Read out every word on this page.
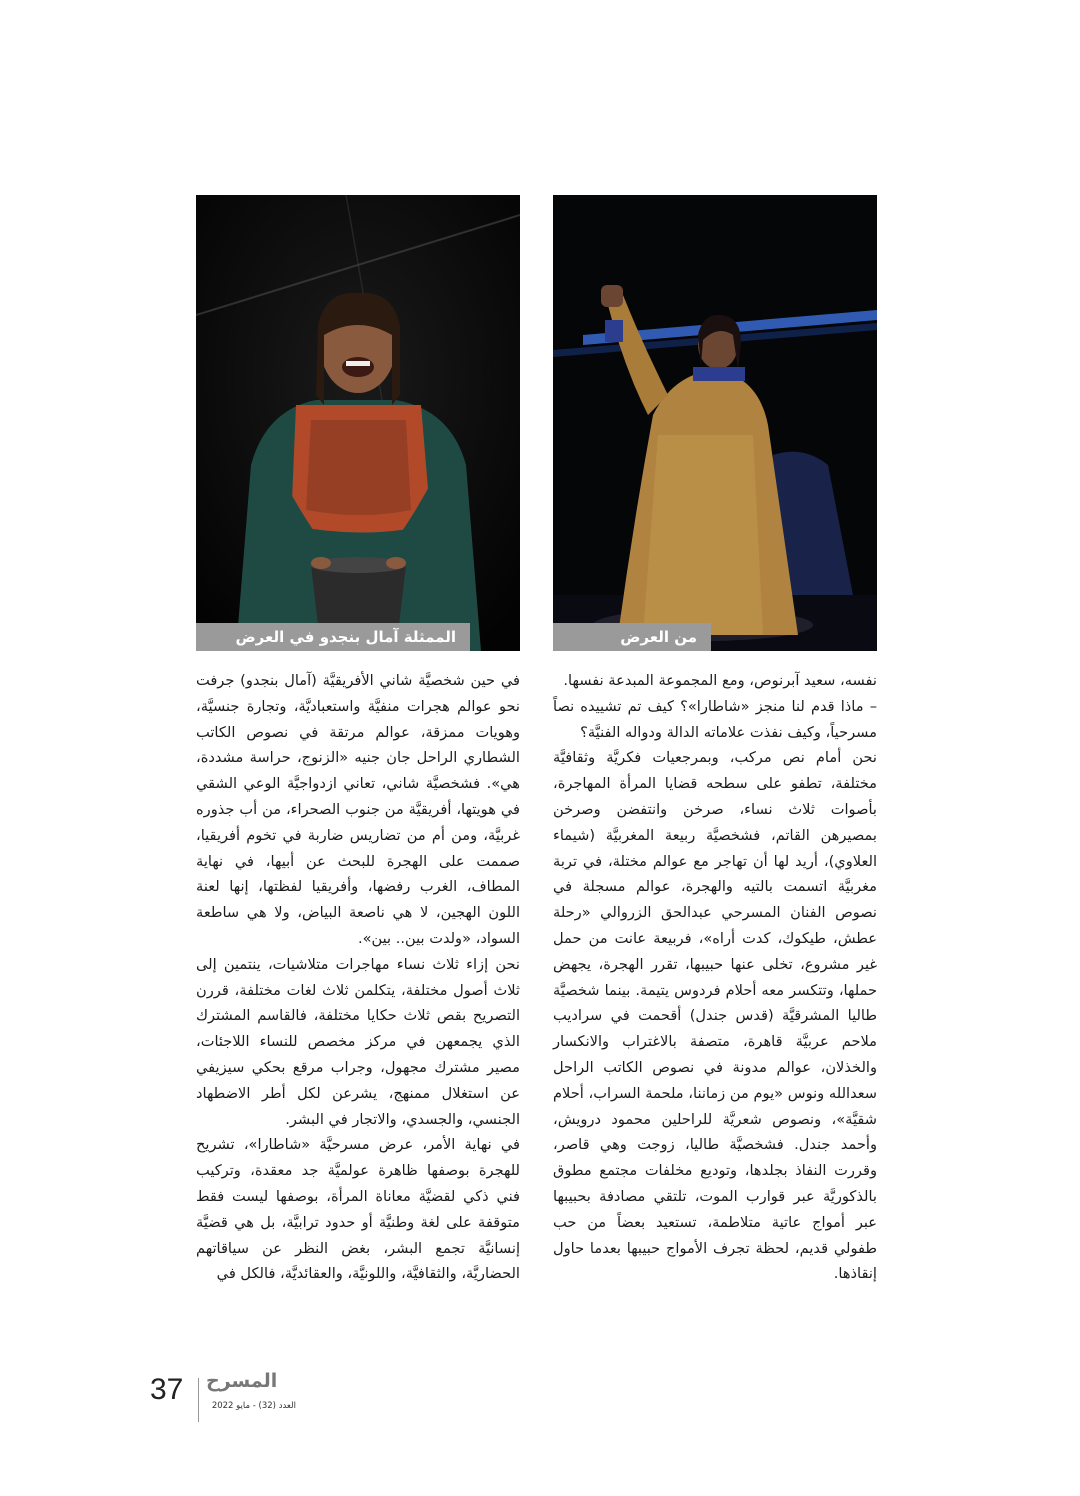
الممثلة آمال بنجدو في العرض	من العرض

نفسه، سعيد آبرنوص، ومع المجموعة المبدعة نفسها.

– ماذا قدم لنا منجز «شاطارا»؟ كيف تم تشييده نصاً مسرحياً، وكيف نفذت علاماته الدالة ودواله الفنيَّة؟

نحن أمام نص مركب، وبمرجعيات فكريَّة وثقافيَّة مختلفة، تطفو على سطحه قضايا المرأة المهاجرة، بأصوات ثلاث نساء، صرخن وانتفضن وصرخن بمصيرهن القاتم، فشخصيَّة ربيعة المغربيَّة (شيماء العلاوي)، أريد لها أن تهاجر مع عوالم مختلة، في تربة مغربيَّة اتسمت بالتيه والهجرة، عوالم مسجلة في نصوص الفنان المسرحي عبدالحق الزروالي «رحلة عطش، طيكوك، كدت أراه»، فربيعة عانت من حمل غير مشروع، تخلى عنها حبيبها، تقرر الهجرة، يجهض حملها، وتتكسر معه أحلام فردوس يتيمة. بينما شخصيَّة طاليا المشرقيَّة (قدس جندل) أقحمت في سراديب ملاحم عربيَّة قاهرة، متصفة بالاغتراب والانكسار والخذلان، عوالم مدونة في نصوص الكاتب الراحل سعدالله ونوس «يوم من زماننا، ملحمة السراب، أحلام شقيَّة»، ونصوص شعريَّة للراحلين محمود درويش، وأحمد جندل. فشخصيَّة طاليا، زوجت وهي قاصر، وقررت النفاذ بجلدها، وتوديع مخلفات مجتمع مطوق بالذكوريَّة عبر قوارب الموت، تلتقي مصادفة بحبيبها عبر أمواج عاتية متلاطمة، تستعيد بعضاً من حب طفولي قديم، لحظة تجرف الأمواج حبيبها بعدما حاول إنقاذها.

في حين شخصيَّة شاني الأفريقيَّة (آمال بنجدو) جرفت نحو عوالم هجرات منفيَّة واستعباديَّة، وتجارة جنسيَّة، وهويات ممزقة، عوالم مرتقة في نصوص الكاتب الشطاري الراحل جان جنيه «الزنوج، حراسة مشددة، هي». فشخصيَّة شاني، تعاني ازدواجيَّة الوعي الشقي في هويتها، أفريقيَّة من جنوب الصحراء، من أب جذوره غربيَّة، ومن أم من تضاريس ضاربة في تخوم أفريقيا، صممت على الهجرة للبحث عن أبيها، في نهاية المطاف، الغرب رفضها، وأفريقيا لفظتها، إنها لعنة اللون الهجين، لا هي ناصعة البياض، ولا هي ساطعة السواد، «ولدت بين.. بين».

نحن إزاء ثلاث نساء مهاجرات متلاشيات، ينتمين إلى ثلاث أصول مختلفة، يتكلمن ثلاث لغات مختلفة، قررن التصريح بقص ثلاث حكايا مختلفة، فالقاسم المشترك الذي يجمعهن في مركز مخصص للنساء اللاجئات، مصير مشترك مجهول، وجراب مرقع بحكي سيزيفي عن استغلال ممنهج، يشرعن لكل أطر الاضطهاد الجنسي، والجسدي، والاتجار في البشر.

في نهاية الأمر، عرض مسرحيَّة «شاطارا»، تشريح للهجرة بوصفها ظاهرة عولميَّة جد معقدة، وتركيب فني ذكي لقضيَّة معاناة المرأة، بوصفها ليست فقط متوقفة على لغة وطنيَّة أو حدود ترابيَّة، بل هي قضيَّة إنسانيَّة تجمع البشر، بغض النظر عن سياقاتهم الحضاريَّة، والثقافيَّة، واللونيَّة، والعقائديَّة، فالكل في

37 المسرح
العدد (32) - مايو 2022
